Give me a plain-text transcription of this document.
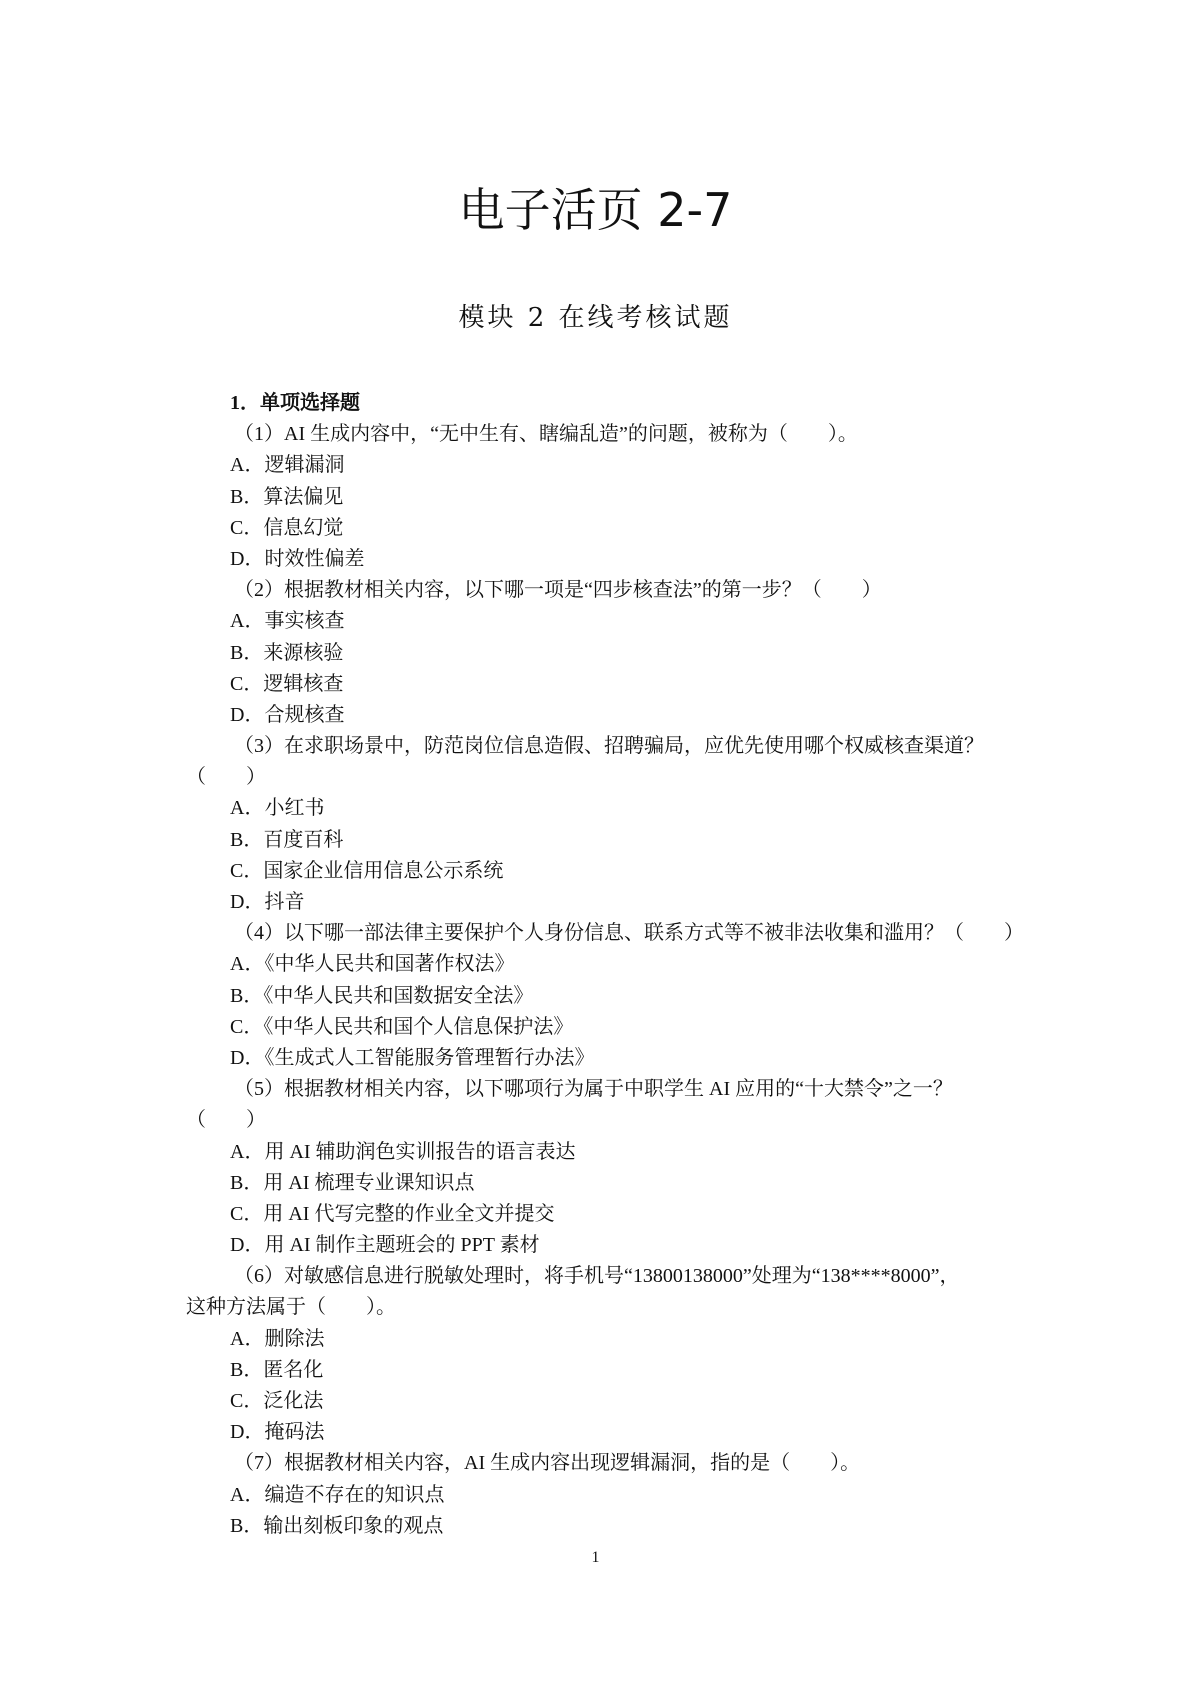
电子活页 2-7
模块 2 在线考核试题
1．单项选择题
（1）AI 生成内容中，“无中生有、瞎编乱造”的问题，被称为（　　）。
A．逻辑漏洞
B．算法偏见
C．信息幻觉
D．时效性偏差
（2）根据教材相关内容，以下哪一项是“四步核查法”的第一步？（　　）
A．事实核查
B．来源核验
C．逻辑核查
D．合规核查
（3）在求职场景中，防范岗位信息造假、招聘骗局，应优先使用哪个权威核查渠道？
（　　）
A．小红书
B．百度百科
C．国家企业信用信息公示系统
D．抖音
（4）以下哪一部法律主要保护个人身份信息、联系方式等不被非法收集和滥用？（　　）
A．《中华人民共和国著作权法》
B．《中华人民共和国数据安全法》
C．《中华人民共和国个人信息保护法》
D．《生成式人工智能服务管理暂行办法》
（5）根据教材相关内容，以下哪项行为属于中职学生 AI 应用的“十大禁令”之一？
（　　）
A．用 AI 辅助润色实训报告的语言表达
B．用 AI 梳理专业课知识点
C．用 AI 代写完整的作业全文并提交
D．用 AI 制作主题班会的 PPT 素材
（6）对敏感信息进行脱敏处理时，将手机号“13800138000”处理为“138****8000”，
这种方法属于（　　）。
A．删除法
B．匿名化
C．泛化法
D．掩码法
（7）根据教材相关内容，AI 生成内容出现逻辑漏洞，指的是（　　）。
A．编造不存在的知识点
B．输出刻板印象的观点
1
